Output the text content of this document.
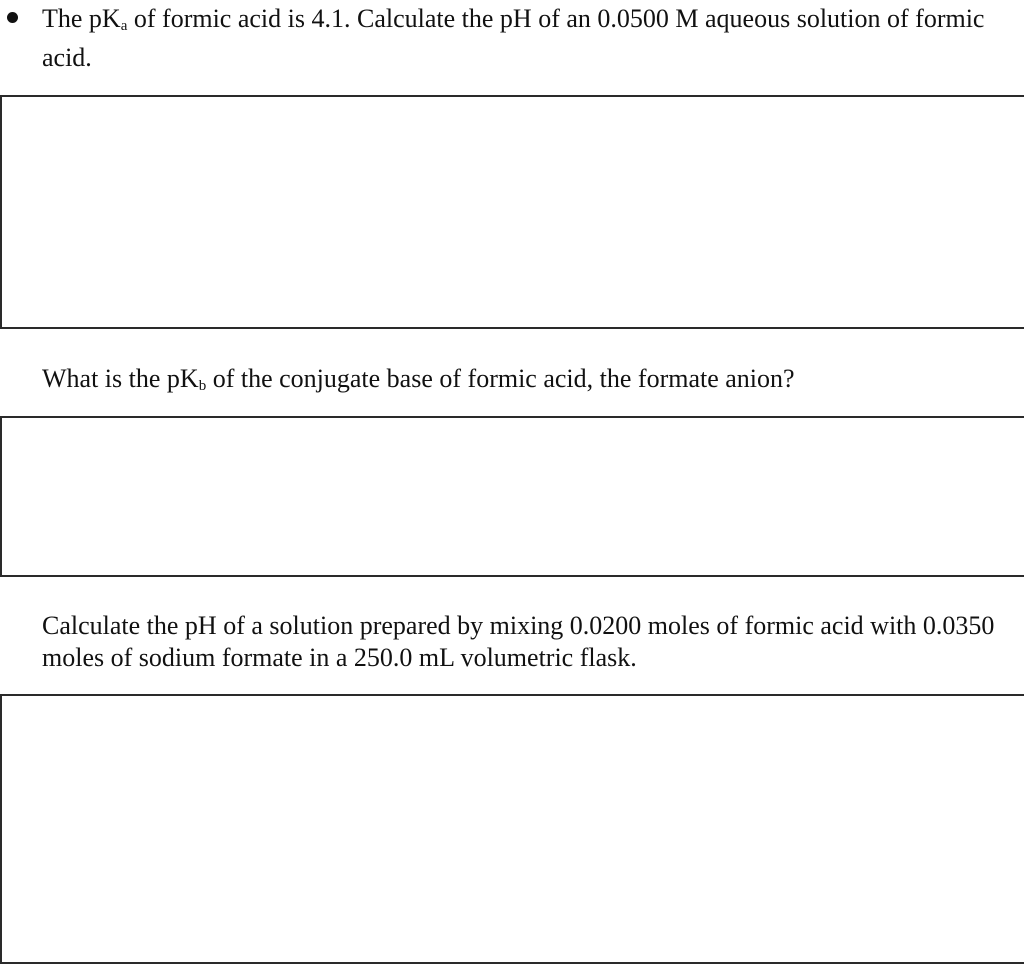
The $pK_a$ of formic acid is 4.1. Calculate the pH of an 0.0500 M aqueous solution of formic acid.

What is the $pK_b$ of the conjugate base of formic acid, the formate anion?

Calculate the pH of a solution prepared by mixing 0.0200 moles of formic acid with 0.0350 moles of sodium formate in a 250.0 mL volumetric flask.
